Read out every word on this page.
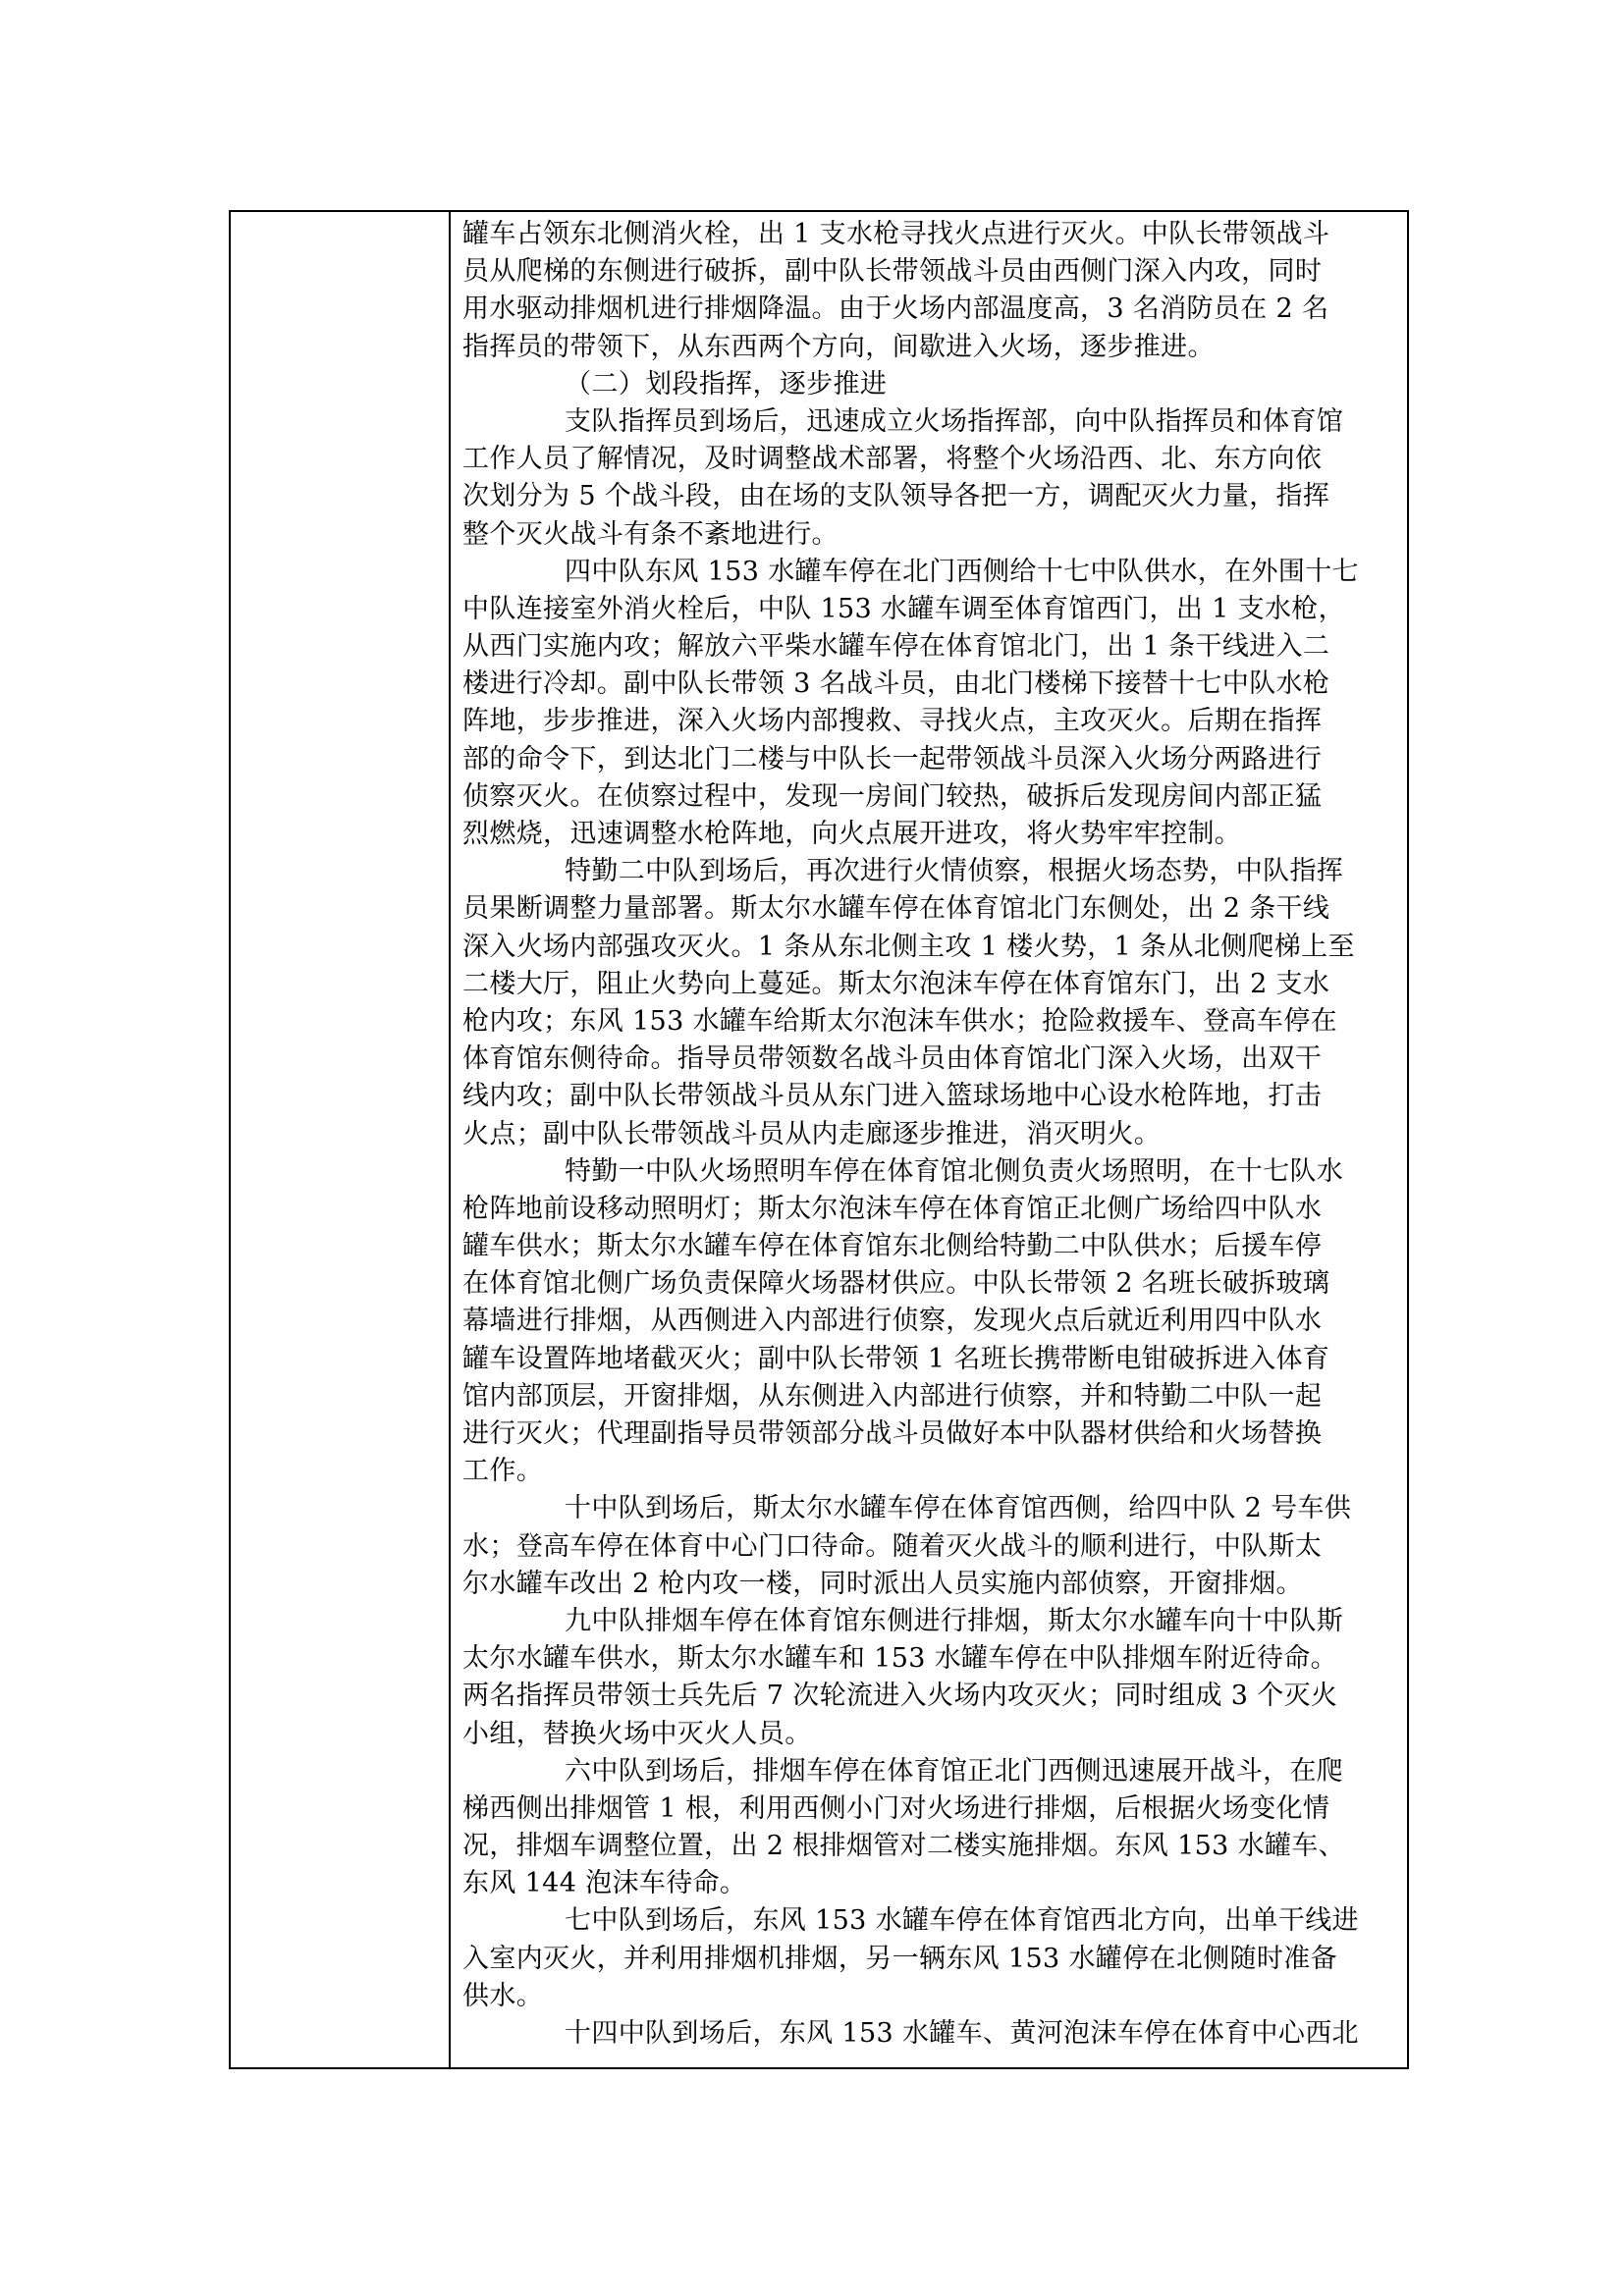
罐车占领东北侧消火栓，出 1 支水枪寻找火点进行灭火。中队长带领战斗
员从爬梯的东侧进行破拆，副中队长带领战斗员由西侧门深入内攻，同时
用水驱动排烟机进行排烟降温。由于火场内部温度高，3 名消防员在 2 名
指挥员的带领下，从东西两个方向，间歇进入火场，逐步推进。
（二）划段指挥，逐步推进
支队指挥员到场后，迅速成立火场指挥部，向中队指挥员和体育馆
工作人员了解情况，及时调整战术部署，将整个火场沿西、北、东方向依
次划分为 5 个战斗段，由在场的支队领导各把一方，调配灭火力量，指挥
整个灭火战斗有条不紊地进行。
四中队东风 153 水罐车停在北门西侧给十七中队供水，在外围十七
中队连接室外消火栓后，中队 153 水罐车调至体育馆西门，出 1 支水枪，
从西门实施内攻；解放六平柴水罐车停在体育馆北门，出 1 条干线进入二
楼进行冷却。副中队长带领 3 名战斗员，由北门楼梯下接替十七中队水枪
阵地，步步推进，深入火场内部搜救、寻找火点，主攻灭火。后期在指挥
部的命令下，到达北门二楼与中队长一起带领战斗员深入火场分两路进行
侦察灭火。在侦察过程中，发现一房间门较热，破拆后发现房间内部正猛
烈燃烧，迅速调整水枪阵地，向火点展开进攻，将火势牢牢控制。
特勤二中队到场后，再次进行火情侦察，根据火场态势，中队指挥
员果断调整力量部署。斯太尔水罐车停在体育馆北门东侧处，出 2 条干线
深入火场内部强攻灭火。1 条从东北侧主攻 1 楼火势，1 条从北侧爬梯上至
二楼大厅，阻止火势向上蔓延。斯太尔泡沫车停在体育馆东门，出 2 支水
枪内攻；东风 153 水罐车给斯太尔泡沫车供水；抢险救援车、登高车停在
体育馆东侧待命。指导员带领数名战斗员由体育馆北门深入火场，出双干
线内攻；副中队长带领战斗员从东门进入篮球场地中心设水枪阵地，打击
火点；副中队长带领战斗员从内走廊逐步推进，消灭明火。
特勤一中队火场照明车停在体育馆北侧负责火场照明，在十七队水
枪阵地前设移动照明灯；斯太尔泡沫车停在体育馆正北侧广场给四中队水
罐车供水；斯太尔水罐车停在体育馆东北侧给特勤二中队供水；后援车停
在体育馆北侧广场负责保障火场器材供应。中队长带领 2 名班长破拆玻璃
幕墙进行排烟，从西侧进入内部进行侦察，发现火点后就近利用四中队水
罐车设置阵地堵截灭火；副中队长带领 1 名班长携带断电钳破拆进入体育
馆内部顶层，开窗排烟，从东侧进入内部进行侦察，并和特勤二中队一起
进行灭火；代理副指导员带领部分战斗员做好本中队器材供给和火场替换
工作。
十中队到场后，斯太尔水罐车停在体育馆西侧，给四中队 2 号车供
水；登高车停在体育中心门口待命。随着灭火战斗的顺利进行，中队斯太
尔水罐车改出 2 枪内攻一楼，同时派出人员实施内部侦察，开窗排烟。
九中队排烟车停在体育馆东侧进行排烟，斯太尔水罐车向十中队斯
太尔水罐车供水，斯太尔水罐车和 153 水罐车停在中队排烟车附近待命。
两名指挥员带领士兵先后 7 次轮流进入火场内攻灭火；同时组成 3 个灭火
小组，替换火场中灭火人员。
六中队到场后，排烟车停在体育馆正北门西侧迅速展开战斗，在爬
梯西侧出排烟管 1 根，利用西侧小门对火场进行排烟，后根据火场变化情
况，排烟车调整位置，出 2 根排烟管对二楼实施排烟。东风 153 水罐车、
东风 144 泡沫车待命。
七中队到场后，东风 153 水罐车停在体育馆西北方向，出单干线进
入室内灭火，并利用排烟机排烟，另一辆东风 153 水罐停在北侧随时准备
供水。
十四中队到场后，东风 153 水罐车、黄河泡沫车停在体育中心西北
